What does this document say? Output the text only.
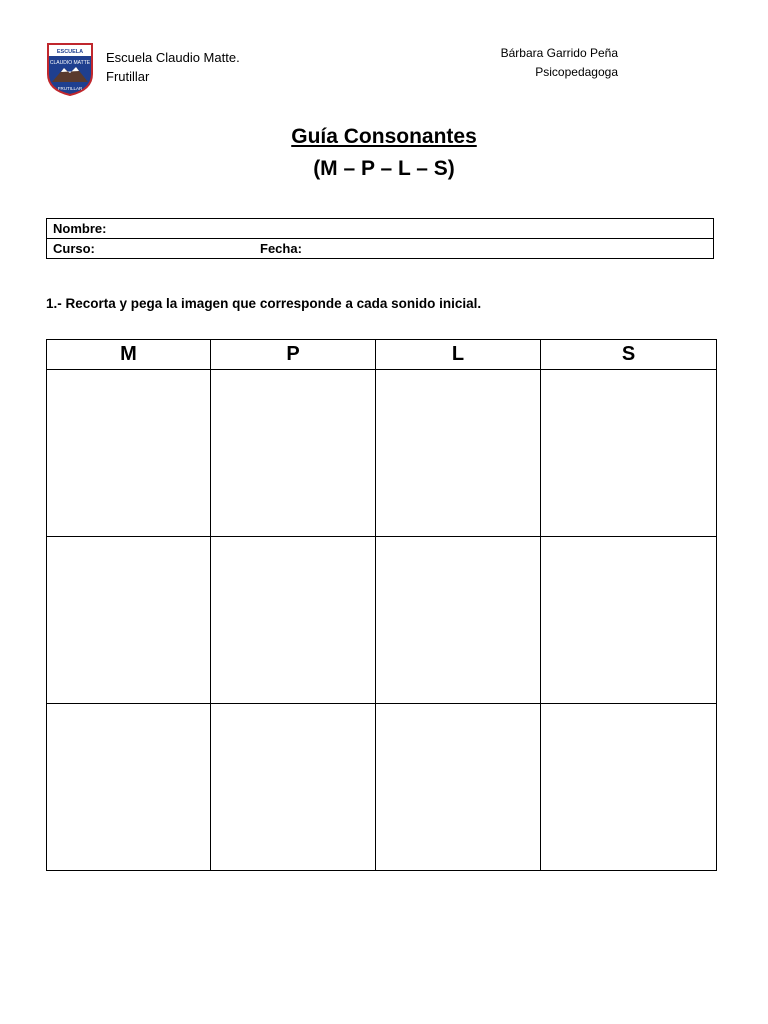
ESCUELA
CLAUDIO MATTE
FRUTILLAR
Escuela Claudio Matte.
Frutillar
Bárbara Garrido Peña
Psicopedagoga
Guía Consonantes
(M – P – L – S)
Nombre:
Curso:	Fecha:
1.- Recorta y pega la imagen que corresponde a cada sonido inicial.
M	P	L	S
